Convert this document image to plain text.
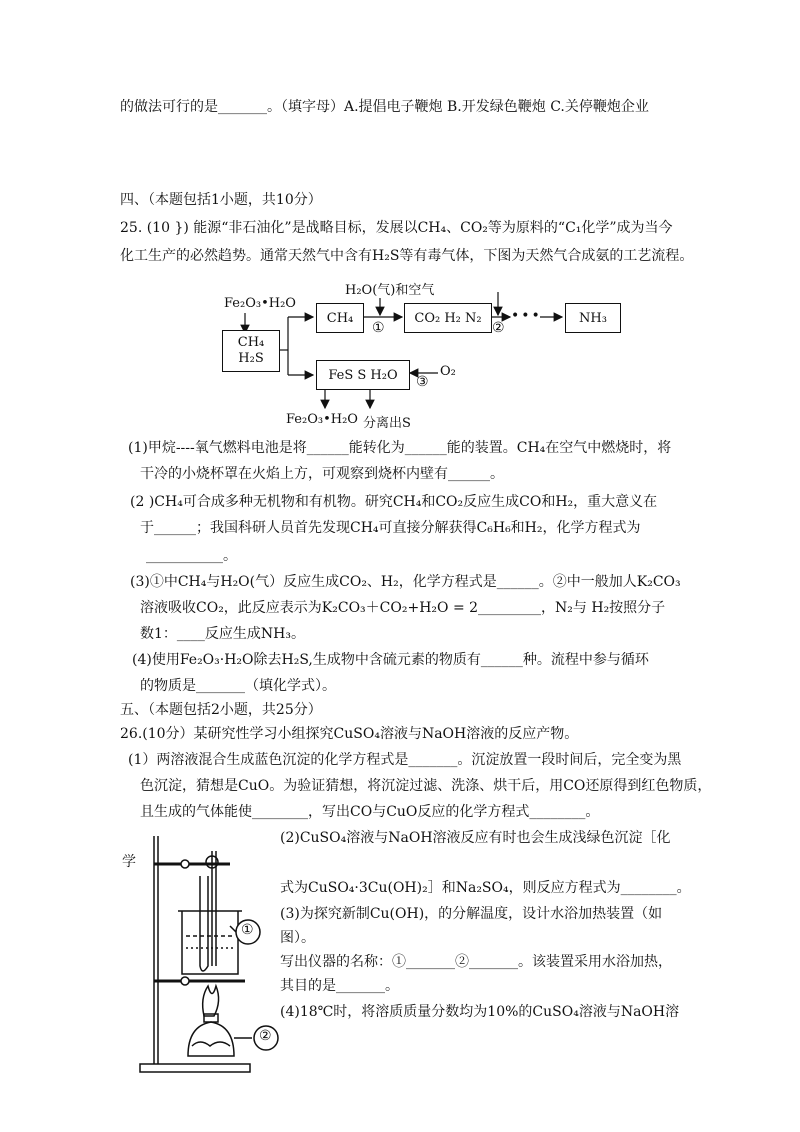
的做法可行的是_______。（填字母）A.提倡电子鞭炮 B.开发绿色鞭炮 C.关停鞭炮企业
四、（本题包括1小题，共10分）
25. (10 }) 能源“非石油化”是战略目标，发展以CH₄、CO₂等为原料的“C₁化学”成为当今
化工生产的必然趋势。通常天然气中含有H₂S等有毒气体，下图为天然气合成氨的工艺流程。
Fe₂O₃•H₂O
CH₄ H₂S
CH₄
H₂O(气)和空气
①
CO₂ H₂ N₂
②
•••	NH₃
FeS S H₂O	③
O₂
Fe₂O₃•H₂O 分离出S
(1)甲烷----氧气燃料电池是将______能转化为______能的装置。CH₄在空气中燃烧时，将
干冷的小烧杯罩在火焰上方，可观察到烧杯内壁有______。
(2 )CH₄可合成多种无机物和有机物。研究CH₄和CO₂反应生成CO和H₂，重大意义在
于______；我国科研人员首先发现CH₄可直接分解获得C₆H₆和H₂，化学方程式为
___________。
(3)①中CH₄与H₂O(气）反应生成CO₂、H₂，化学方程式是______。②中一般加人K₂CO₃
溶液吸收CO₂，此反应表示为K₂CO₃＋CO₂+H₂O = 2_________，N₂与 H₂按照分子
数1：____反应生成NH₃。
(4)使用Fe₂O₃·H₂O除去H₂S,生成物中含硫元素的物质有______种。流程中参与循环
的物质是_______（填化学式）。
五、（本题包括2小题，共25分）
26.(10分）某研究性学习小组探究CuSO₄溶液与NaOH溶液的反应产物。
(1）两溶液混合生成蓝色沉淀的化学方程式是_______。沉淀放置一段时间后，完全变为黑
色沉淀，猜想是CuO。为验证猜想，将沉淀过滤、洗涤、烘干后，用CO还原得到红色物质，
且生成的气体能使________，写出CO与CuO反应的化学方程式________。
(2)CuSO₄溶液与NaOH溶液反应有时也会生成浅绿色沉淀［化
学
式为CuSO₄·3Cu(OH)₂］和Na₂SO₄，则反应方程式为________。
(3)为探究新制Cu(OH)，的分解温度，设计水浴加热装置（如
图）。
写出仪器的名称：①_______②_______。该装置采用水浴加热，
其目的是_______。
(4)18℃时，将溶质质量分数均为10%的CuSO₄溶液与NaOH溶
①
②
